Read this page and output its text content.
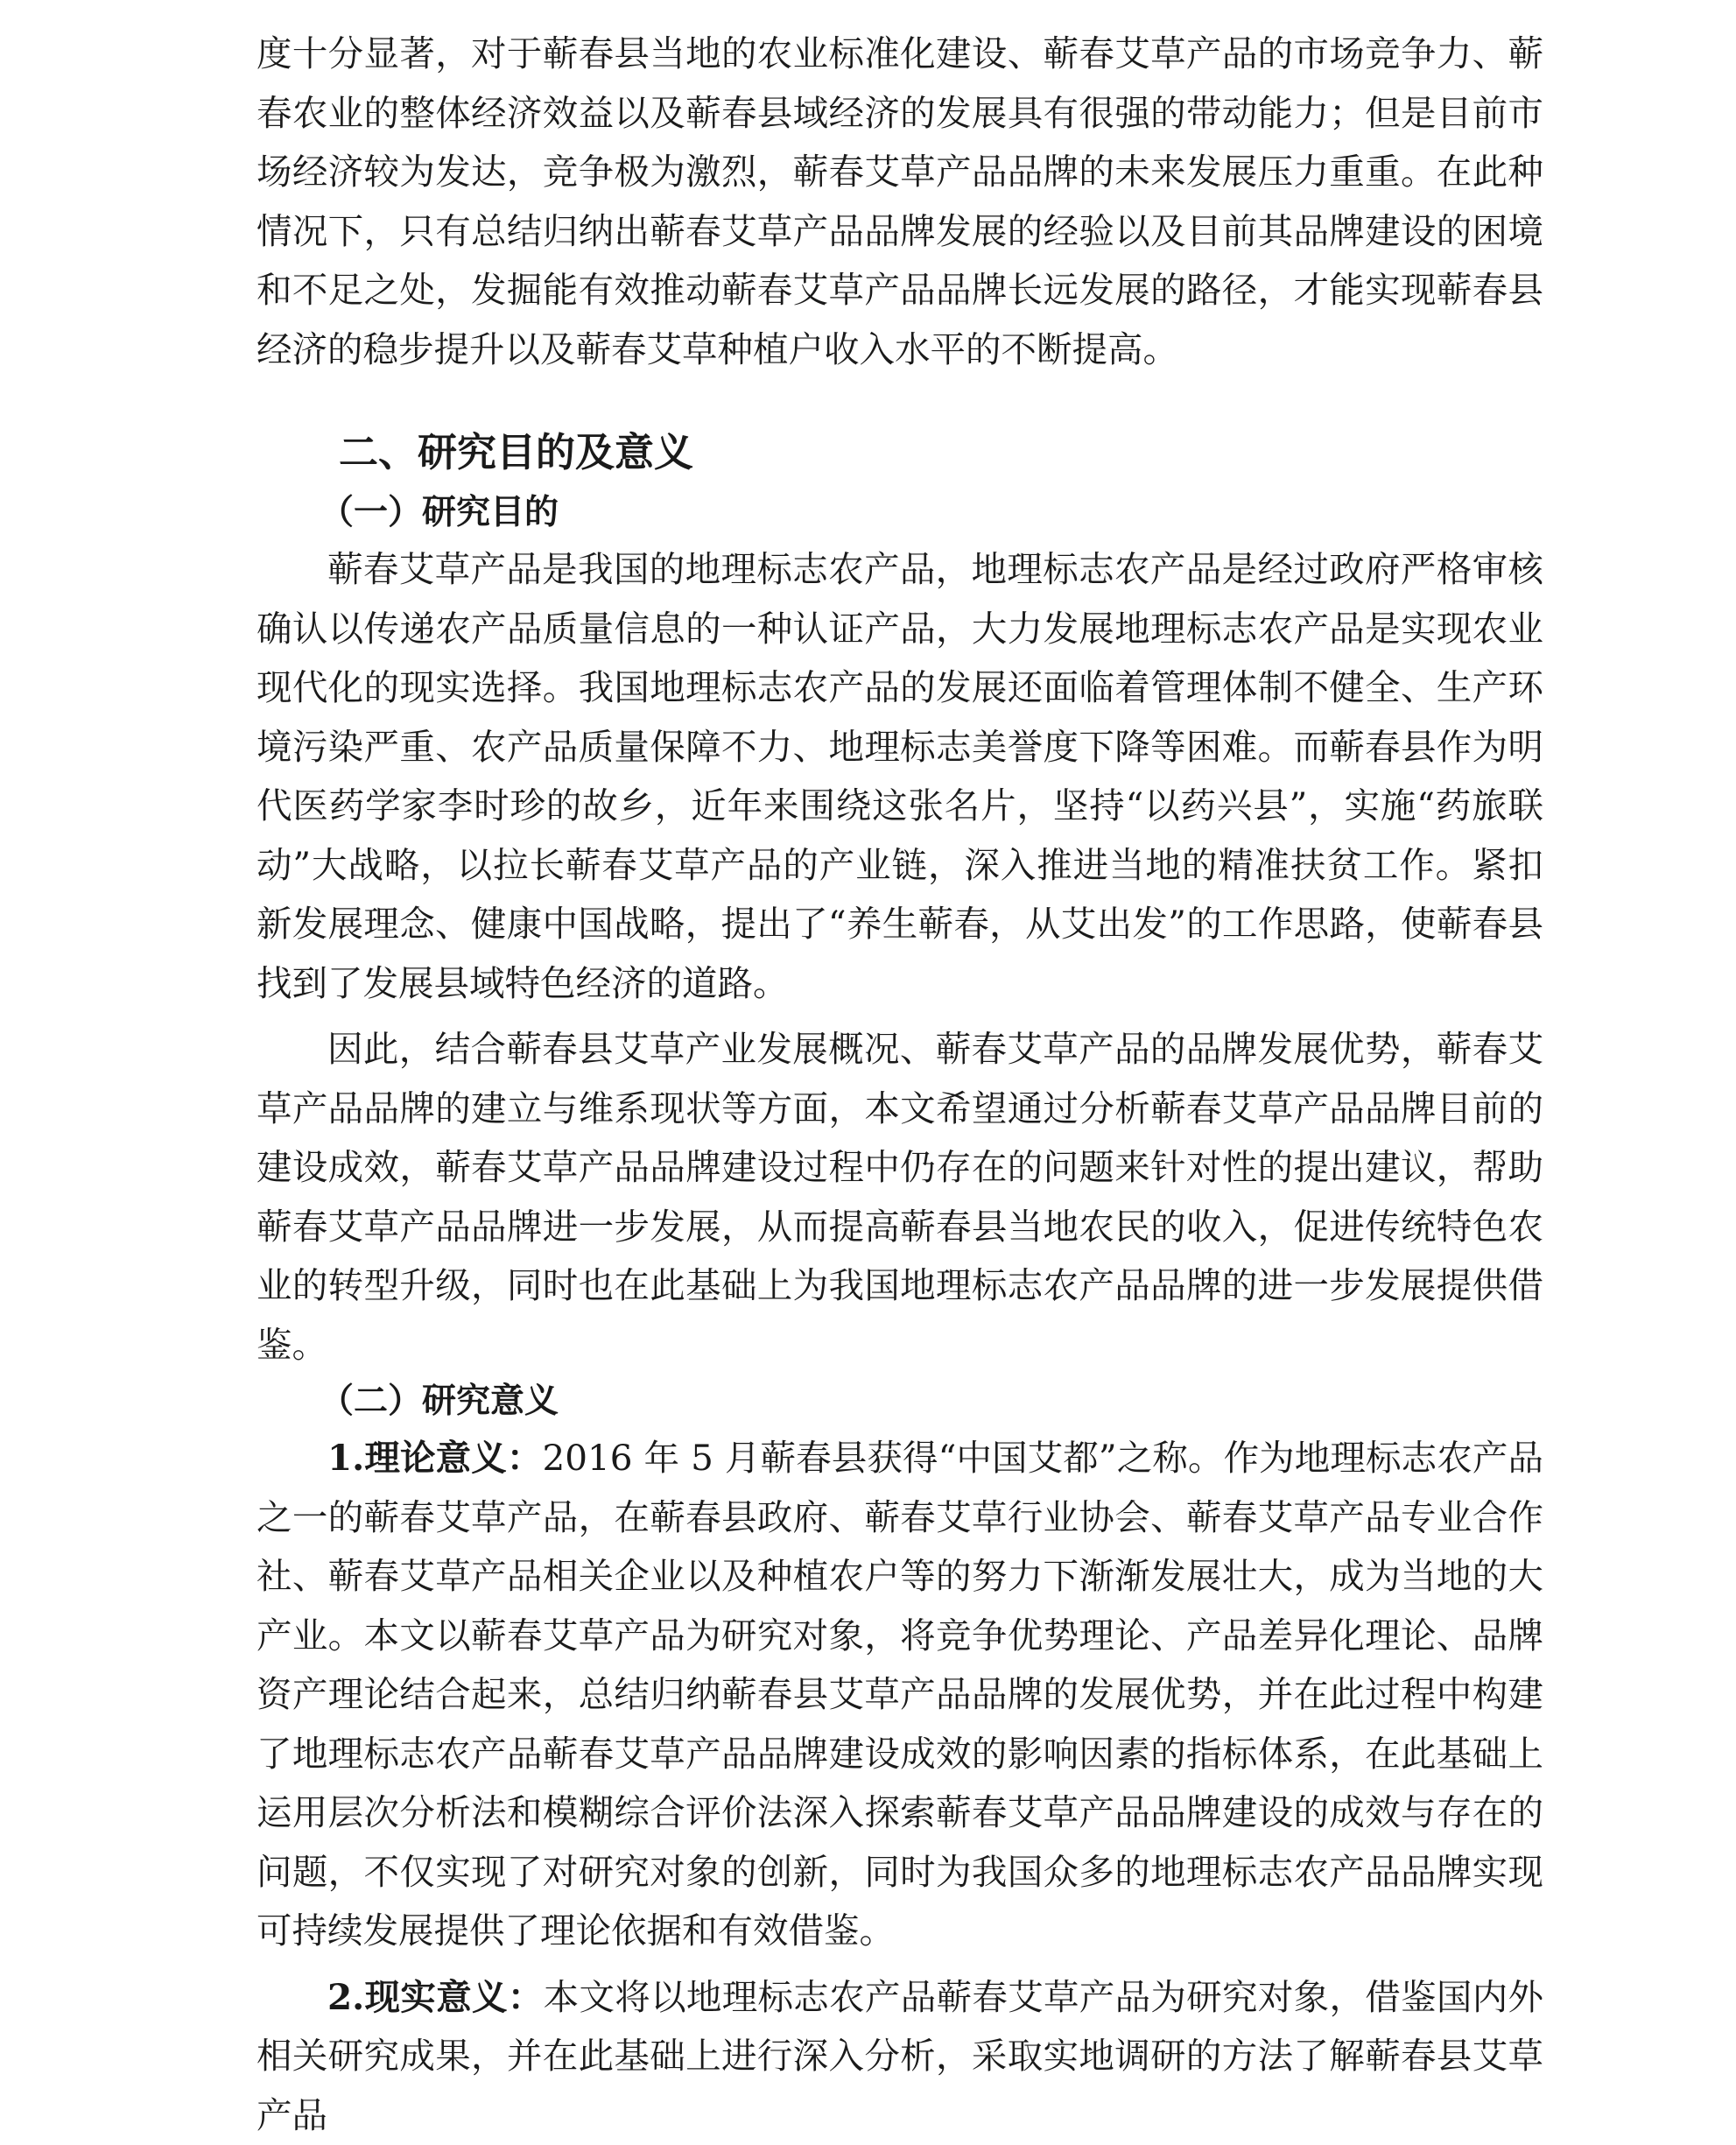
度十分显著，对于蕲春县当地的农业标准化建设、蕲春艾草产品的市场竞争力、蕲春农业的整体经济效益以及蕲春县域经济的发展具有很强的带动能力；但是目前市场经济较为发达，竞争极为激烈，蕲春艾草产品品牌的未来发展压力重重。在此种情况下，只有总结归纳出蕲春艾草产品品牌发展的经验以及目前其品牌建设的困境和不足之处，发掘能有效推动蕲春艾草产品品牌长远发展的路径，才能实现蕲春县经济的稳步提升以及蕲春艾草种植户收入水平的不断提高。

二、研究目的及意义
（一）研究目的

蕲春艾草产品是我国的地理标志农产品，地理标志农产品是经过政府严格审核确认以传递农产品质量信息的一种认证产品，大力发展地理标志农产品是实现农业现代化的现实选择。我国地理标志农产品的发展还面临着管理体制不健全、生产环境污染严重、农产品质量保障不力、地理标志美誉度下降等困难。而蕲春县作为明代医药学家李时珍的故乡，近年来围绕这张名片，坚持“以药兴县”，实施“药旅联动”大战略，以拉长蕲春艾草产品的产业链，深入推进当地的精准扶贫工作。紧扣新发展理念、健康中国战略，提出了“养生蕲春，从艾出发”的工作思路，使蕲春县找到了发展县域特色经济的道路。

因此，结合蕲春县艾草产业发展概况、蕲春艾草产品的品牌发展优势，蕲春艾草产品品牌的建立与维系现状等方面，本文希望通过分析蕲春艾草产品品牌目前的建设成效，蕲春艾草产品品牌建设过程中仍存在的问题来针对性的提出建议，帮助蕲春艾草产品品牌进一步发展，从而提高蕲春县当地农民的收入，促进传统特色农业的转型升级，同时也在此基础上为我国地理标志农产品品牌的进一步发展提供借鉴。

（二）研究意义

1.理论意义：2016 年 5 月蕲春县获得“中国艾都”之称。作为地理标志农产品之一的蕲春艾草产品，在蕲春县政府、蕲春艾草行业协会、蕲春艾草产品专业合作社、蕲春艾草产品相关企业以及种植农户等的努力下渐渐发展壮大，成为当地的大产业。本文以蕲春艾草产品为研究对象，将竞争优势理论、产品差异化理论、品牌资产理论结合起来，总结归纳蕲春县艾草产品品牌的发展优势，并在此过程中构建了地理标志农产品蕲春艾草产品品牌建设成效的影响因素的指标体系，在此基础上运用层次分析法和模糊综合评价法深入探索蕲春艾草产品品牌建设的成效与存在的问题，不仅实现了对研究对象的创新，同时为我国众多的地理标志农产品品牌实现可持续发展提供了理论依据和有效借鉴。

2.现实意义：本文将以地理标志农产品蕲春艾草产品为研究对象，借鉴国内外相关研究成果，并在此基础上进行深入分析，采取实地调研的方法了解蕲春县艾草产品
